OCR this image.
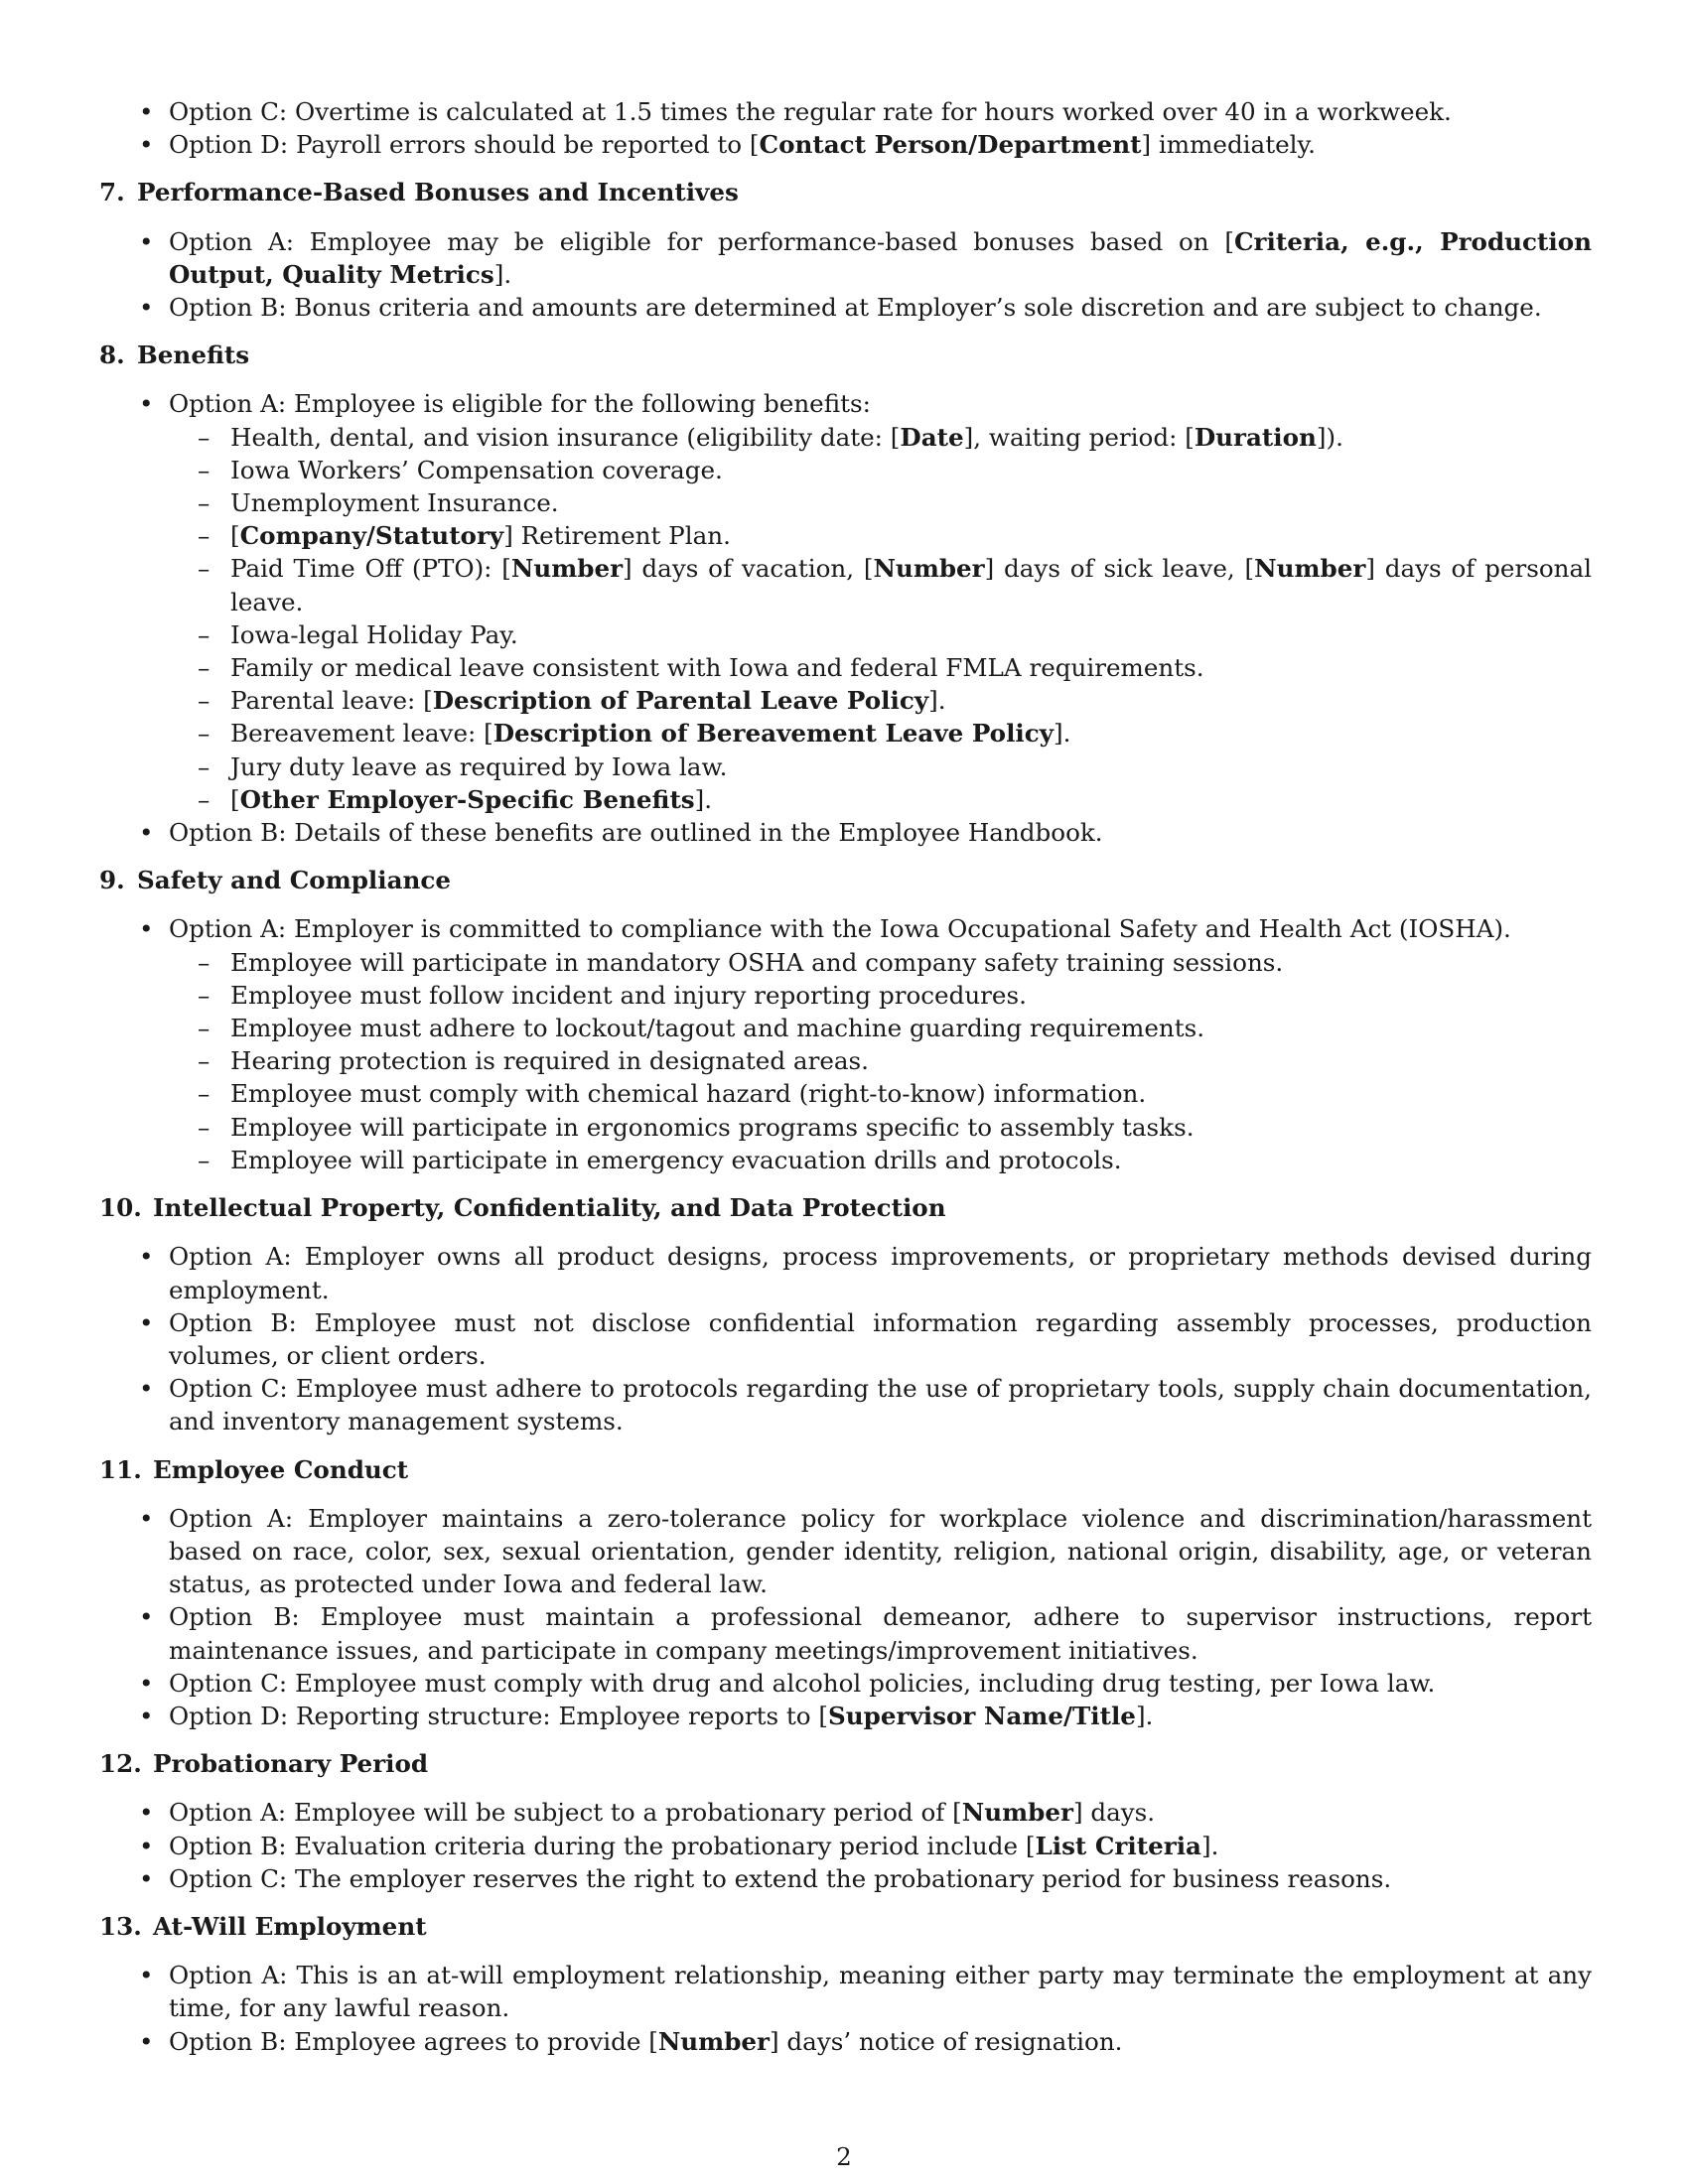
• Option C: Overtime is calculated at 1.5 times the regular rate for hours worked over 40 in a workweek.
• Option D: Payroll errors should be reported to [Contact Person/Department] immediately.
7. Performance-Based Bonuses and Incentives
• Option A: Employee may be eligible for performance-based bonuses based on [Criteria, e.g., Production Output, Quality Metrics].
• Option B: Bonus criteria and amounts are determined at Employer’s sole discretion and are subject to change.
8. Benefits
• Option A: Employee is eligible for the following benefits:
– Health, dental, and vision insurance (eligibility date: [Date], waiting period: [Duration]).
– Iowa Workers’ Compensation coverage.
– Unemployment Insurance.
– [Company/Statutory] Retirement Plan.
– Paid Time Off (PTO): [Number] days of vacation, [Number] days of sick leave, [Number] days of personal leave.
– Iowa-legal Holiday Pay.
– Family or medical leave consistent with Iowa and federal FMLA requirements.
– Parental leave: [Description of Parental Leave Policy].
– Bereavement leave: [Description of Bereavement Leave Policy].
– Jury duty leave as required by Iowa law.
– [Other Employer-Specific Benefits].
• Option B: Details of these benefits are outlined in the Employee Handbook.
9. Safety and Compliance
• Option A: Employer is committed to compliance with the Iowa Occupational Safety and Health Act (IOSHA).
– Employee will participate in mandatory OSHA and company safety training sessions.
– Employee must follow incident and injury reporting procedures.
– Employee must adhere to lockout/tagout and machine guarding requirements.
– Hearing protection is required in designated areas.
– Employee must comply with chemical hazard (right-to-know) information.
– Employee will participate in ergonomics programs specific to assembly tasks.
– Employee will participate in emergency evacuation drills and protocols.
10. Intellectual Property, Confidentiality, and Data Protection
• Option A: Employer owns all product designs, process improvements, or proprietary methods devised during employment.
• Option B: Employee must not disclose confidential information regarding assembly processes, production volumes, or client orders.
• Option C: Employee must adhere to protocols regarding the use of proprietary tools, supply chain documentation, and inventory management systems.
11. Employee Conduct
• Option A: Employer maintains a zero-tolerance policy for workplace violence and discrimination/harassment based on race, color, sex, sexual orientation, gender identity, religion, national origin, disability, age, or veteran status, as protected under Iowa and federal law.
• Option B: Employee must maintain a professional demeanor, adhere to supervisor instructions, report maintenance issues, and participate in company meetings/improvement initiatives.
• Option C: Employee must comply with drug and alcohol policies, including drug testing, per Iowa law.
• Option D: Reporting structure: Employee reports to [Supervisor Name/Title].
12. Probationary Period
• Option A: Employee will be subject to a probationary period of [Number] days.
• Option B: Evaluation criteria during the probationary period include [List Criteria].
• Option C: The employer reserves the right to extend the probationary period for business reasons.
13. At-Will Employment
• Option A: This is an at-will employment relationship, meaning either party may terminate the employment at any time, for any lawful reason.
• Option B: Employee agrees to provide [Number] days’ notice of resignation.
2
